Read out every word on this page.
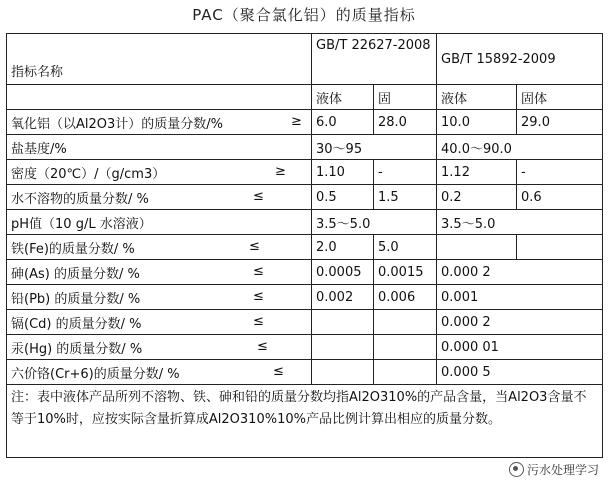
PAC（聚合氯化铝）的质量指标
指标名称	GB/T 22627-2008		GB/T 15892-2009	
	液体	固	液体	固体
氧化铝（以Al2O3计）的质量分数/% ≥	6.0	28.0	10.0	29.0
盐基度/%	30～95		40.0～90.0	
密度（20℃）/（g/cm3） ≥	1.10	-	1.12	-
水不溶物的质量分数/ % ≤	0.5	1.5	0.2	0.6
pH值（10 g/L 水溶液）	3.5～5.0		3.5～5.0	
铁(Fe)的质量分数/ % ≤	2.0	5.0		
砷(As) 的质量分数/ % ≤	0.0005	0.0015	0.000 2	
铅(Pb) 的质量分数/ % ≤	0.002	0.006	0.001	
镉(Cd) 的质量分数/ % ≤			0.000 2	
汞(Hg) 的质量分数/ % ≤			0.000 01	
六价铬(Cr+6)的质量分数/ % ≤			0.000 5	
注：表中液体产品所列不溶物、铁、砷和铅的质量分数均指Al2O310%的产品含量，当Al2O3含量不等于10%时，应按实际含量折算成Al2O310%10%产品比例计算出相应的质量分数。				
污水处理学习
